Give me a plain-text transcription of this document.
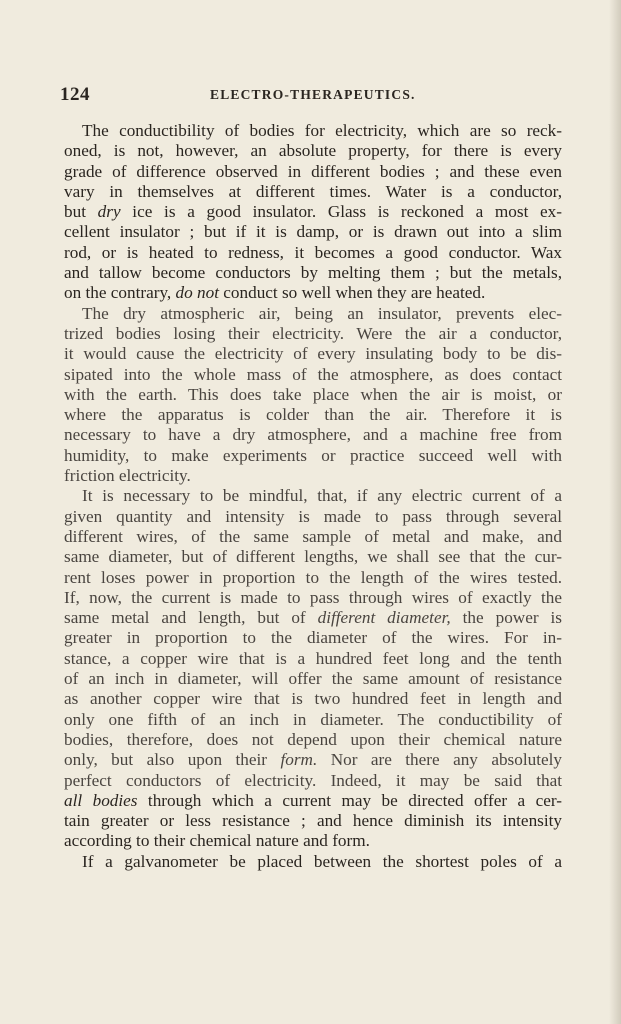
124	ELECTRO-THERAPEUTICS.
The conductibility of bodies for electricity, which are so reck-
oned, is not, however, an absolute property, for there is every
grade of difference observed in different bodies ; and these even
vary in themselves at different times. Water is a conductor,
but dry ice is a good insulator. Glass is reckoned a most ex-
cellent insulator ; but if it is damp, or is drawn out into a slim
rod, or is heated to redness, it becomes a good conductor. Wax
and tallow become conductors by melting them ; but the metals,
on the contrary, do not conduct so well when they are heated.
The dry atmospheric air, being an insulator, prevents elec-
trized bodies losing their electricity. Were the air a conductor,
it would cause the electricity of every insulating body to be dis-
sipated into the whole mass of the atmosphere, as does contact
with the earth. This does take place when the air is moist, or
where the apparatus is colder than the air. Therefore it is
necessary to have a dry atmosphere, and a machine free from
humidity, to make experiments or practice succeed well with
friction electricity.
It is necessary to be mindful, that, if any electric current of a
given quantity and intensity is made to pass through several
different wires, of the same sample of metal and make, and
same diameter, but of different lengths, we shall see that the cur-
rent loses power in proportion to the length of the wires tested.
If, now, the current is made to pass through wires of exactly the
same metal and length, but of different diameter, the power is
greater in proportion to the diameter of the wires. For in-
stance, a copper wire that is a hundred feet long and the tenth
of an inch in diameter, will offer the same amount of resistance
as another copper wire that is two hundred feet in length and
only one fifth of an inch in diameter. The conductibility of
bodies, therefore, does not depend upon their chemical nature
only, but also upon their form. Nor are there any absolutely
perfect conductors of electricity. Indeed, it may be said that
all bodies through which a current may be directed offer a cer-
tain greater or less resistance ; and hence diminish its intensity
according to their chemical nature and form.
If a galvanometer be placed between the shortest poles of a
